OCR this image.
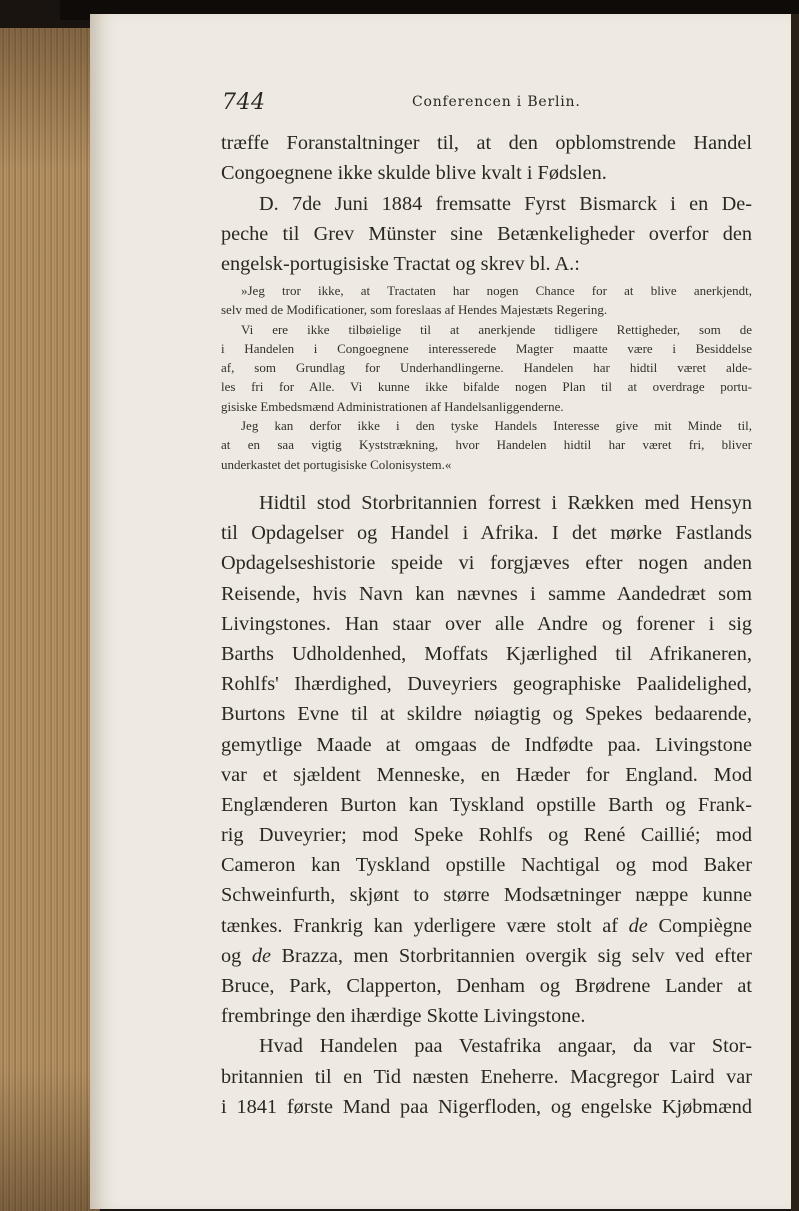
744	Conferencen i Berlin.
træffe Foranstaltninger til, at den opblomstrende Handel
Congoegnene ikke skulde blive kvalt i Fødslen.
D. 7de Juni 1884 fremsatte Fyrst Bismarck i en De-
peche til Grev Münster sine Betænkeligheder overfor den
engelsk-portugisiske Tractat og skrev bl. A.:
»Jeg tror ikke, at Tractaten har nogen Chance for at blive anerkjendt,
selv med de Modificationer, som foreslaas af Hendes Majestæts Regering.
Vi ere ikke tilbøielige til at anerkjende tidligere Rettigheder, som de
i Handelen i Congoegnene interesserede Magter maatte være i Besiddelse
af, som Grundlag for Underhandlingerne. Handelen har hidtil været alde-
les fri for Alle. Vi kunne ikke bifalde nogen Plan til at overdrage portu-
gisiske Embedsmænd Administrationen af Handelsanliggenderne.
Jeg kan derfor ikke i den tyske Handels Interesse give mit Minde til,
at en saa vigtig Kyststrækning, hvor Handelen hidtil har været fri, bliver
underkastet det portugisiske Colonisystem.«
Hidtil stod Storbritannien forrest i Rækken med Hensyn
til Opdagelser og Handel i Afrika. I det mørke Fastlands
Opdagelseshistorie speide vi forgjæves efter nogen anden
Reisende, hvis Navn kan nævnes i samme Aandedræt som
Livingstones. Han staar over alle Andre og forener i sig
Barths Udholdenhed, Moffats Kjærlighed til Afrikaneren,
Rohlfs' Ihærdighed, Duveyriers geographiske Paalidelighed,
Burtons Evne til at skildre nøiagtig og Spekes bedaarende,
gemytlige Maade at omgaas de Indfødte paa. Livingstone
var et sjældent Menneske, en Hæder for England. Mod
Englænderen Burton kan Tyskland opstille Barth og Frank-
rig Duveyrier; mod Speke Rohlfs og René Caillié; mod
Cameron kan Tyskland opstille Nachtigal og mod Baker
Schweinfurth, skjønt to større Modsætninger næppe kunne
tænkes. Frankrig kan yderligere være stolt af de Compiègne
og de Brazza, men Storbritannien overgik sig selv ved efter
Bruce, Park, Clapperton, Denham og Brødrene Lander at
frembringe den ihærdige Skotte Livingstone.
Hvad Handelen paa Vestafrika angaar, da var Stor-
britannien til en Tid næsten Eneherre. Macgregor Laird var
i 1841 første Mand paa Nigerfloden, og engelske Kjøbmænd
